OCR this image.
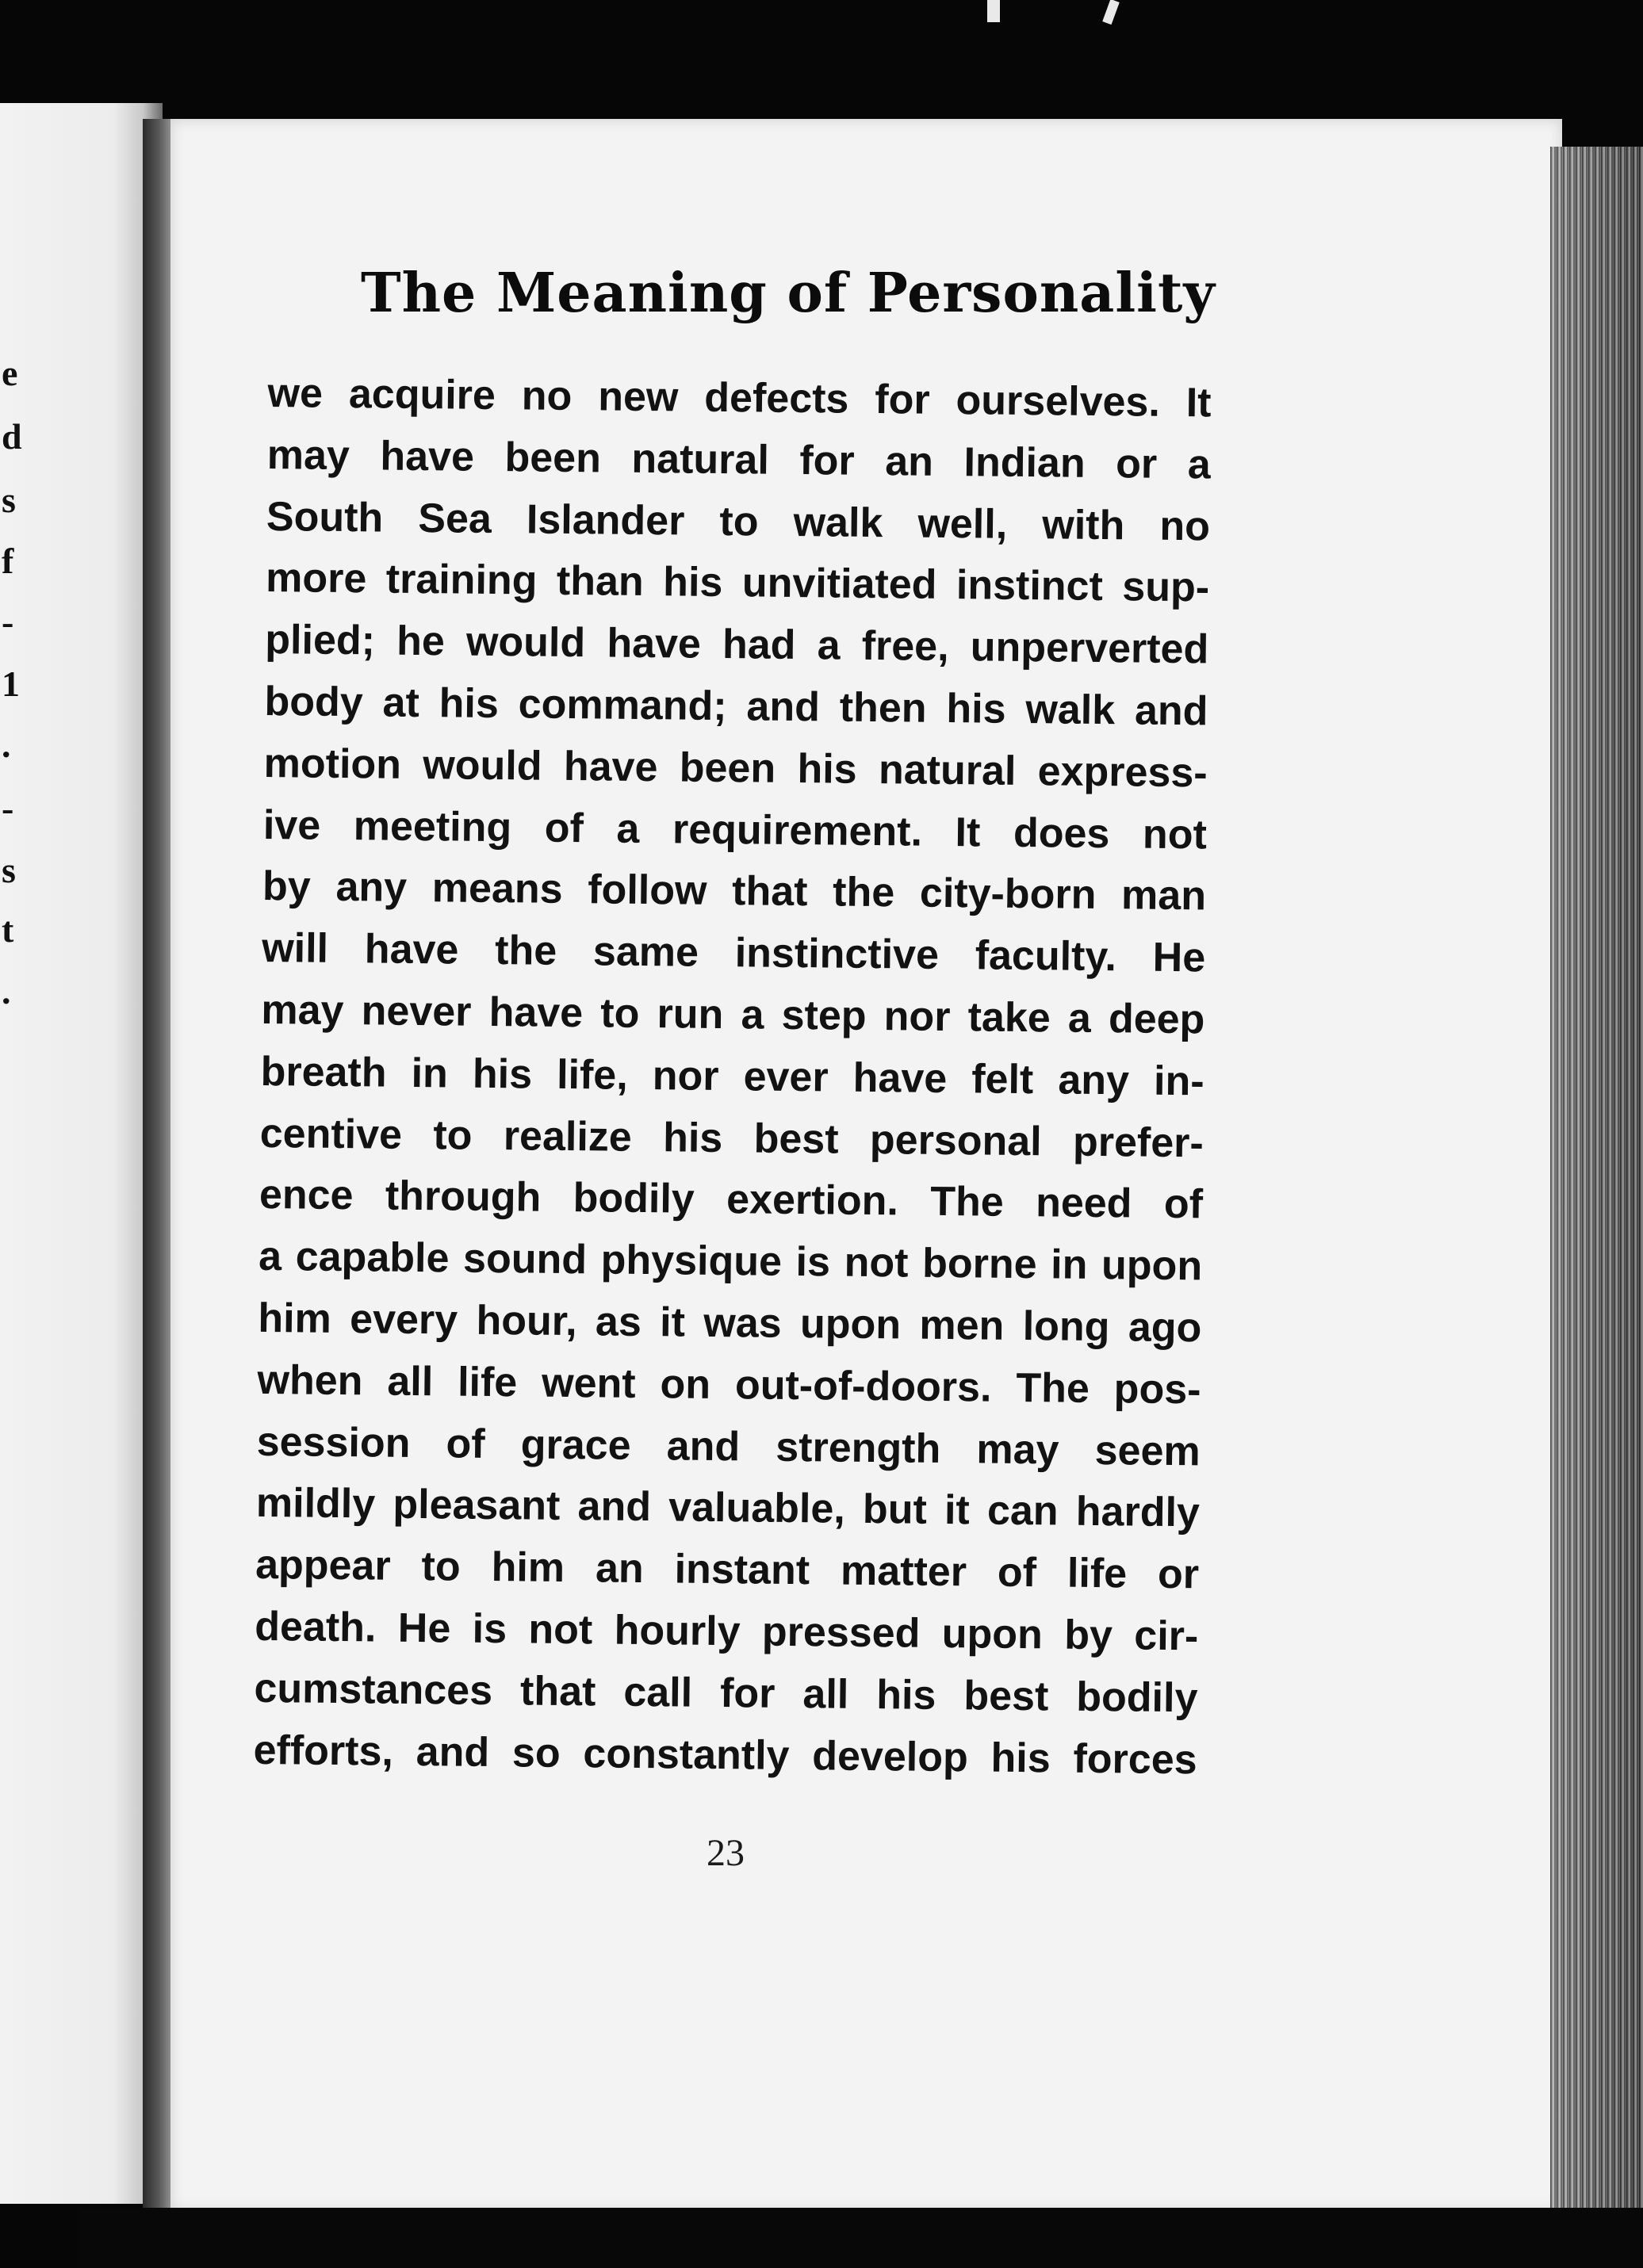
e
d
s
f
-
1
.
-
s
t
.
The Meaning of Personality
we acquire no new defects for ourselves. It
may have been natural for an Indian or a
South Sea Islander to walk well, with no
more training than his unvitiated instinct sup-
plied; he would have had a free, unperverted
body at his command; and then his walk and
motion would have been his natural express-
ive meeting of a requirement. It does not
by any means follow that the city-born man
will have the same instinctive faculty. He
may never have to run a step nor take a deep
breath in his life, nor ever have felt any in-
centive to realize his best personal prefer-
ence through bodily exertion. The need of
a capable sound physique is not borne in upon
him every hour, as it was upon men long ago
when all life went on out-of-doors. The pos-
session of grace and strength may seem
mildly pleasant and valuable, but it can hardly
appear to him an instant matter of life or
death. He is not hourly pressed upon by cir-
cumstances that call for all his best bodily
efforts, and so constantly develop his forces
23
